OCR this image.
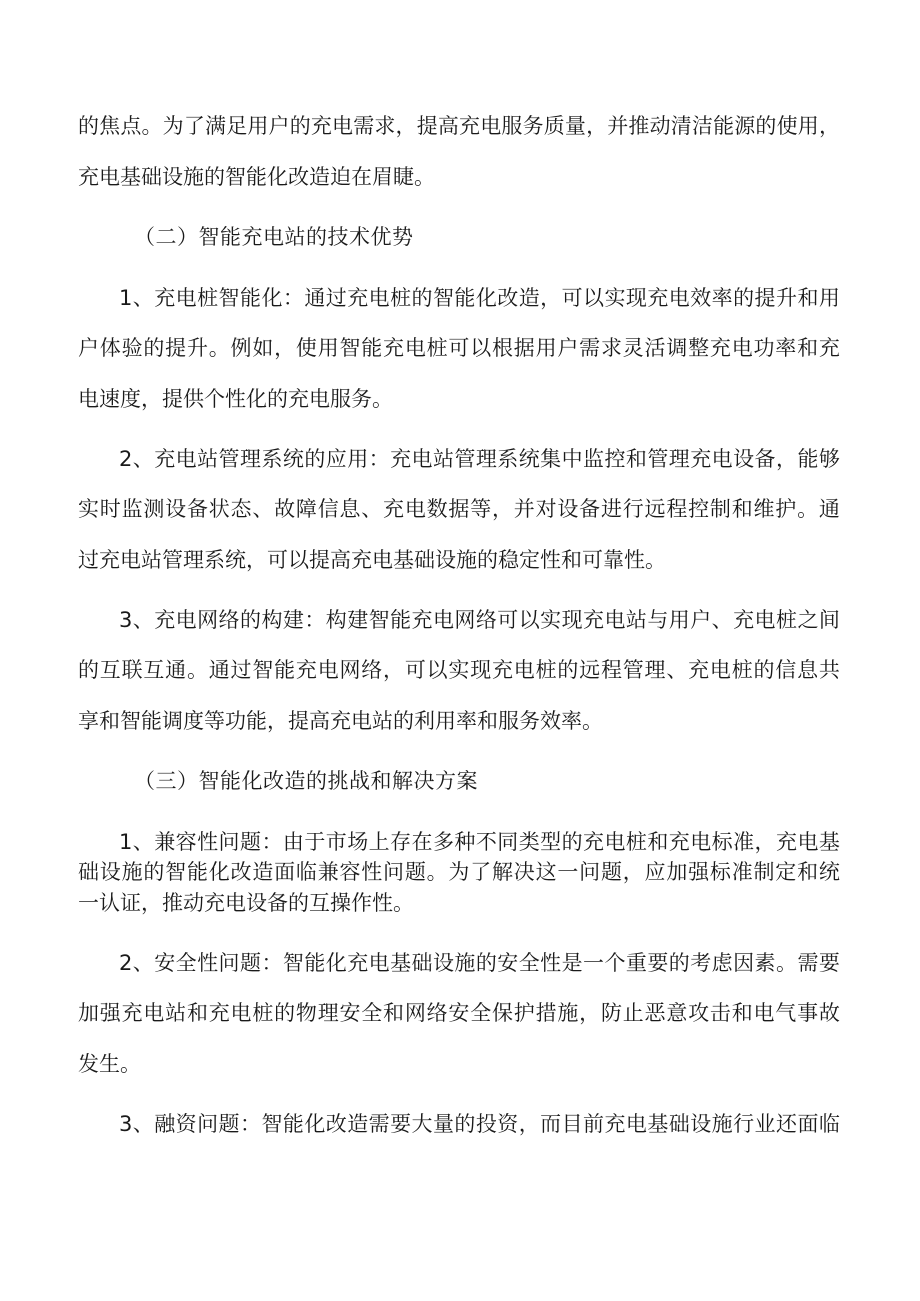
的焦点。为了满足用户的充电需求，提高充电服务质量，并推动清洁能源的使用，
充电基础设施的智能化改造迫在眉睫。
（二）智能充电站的技术优势
1、充电桩智能化：通过充电桩的智能化改造，可以实现充电效率的提升和用
户体验的提升。例如，使用智能充电桩可以根据用户需求灵活调整充电功率和充
电速度，提供个性化的充电服务。
2、充电站管理系统的应用：充电站管理系统集中监控和管理充电设备，能够
实时监测设备状态、故障信息、充电数据等，并对设备进行远程控制和维护。通
过充电站管理系统，可以提高充电基础设施的稳定性和可靠性。
3、充电网络的构建：构建智能充电网络可以实现充电站与用户、充电桩之间
的互联互通。通过智能充电网络，可以实现充电桩的远程管理、充电桩的信息共
享和智能调度等功能，提高充电站的利用率和服务效率。
（三）智能化改造的挑战和解决方案
1、兼容性问题：由于市场上存在多种不同类型的充电桩和充电标准，充电基
础设施的智能化改造面临兼容性问题。为了解决这一问题，应加强标准制定和统
一认证，推动充电设备的互操作性。
2、安全性问题：智能化充电基础设施的安全性是一个重要的考虑因素。需要
加强充电站和充电桩的物理安全和网络安全保护措施，防止恶意攻击和电气事故
发生。
3、融资问题：智能化改造需要大量的投资，而目前充电基础设施行业还面临
